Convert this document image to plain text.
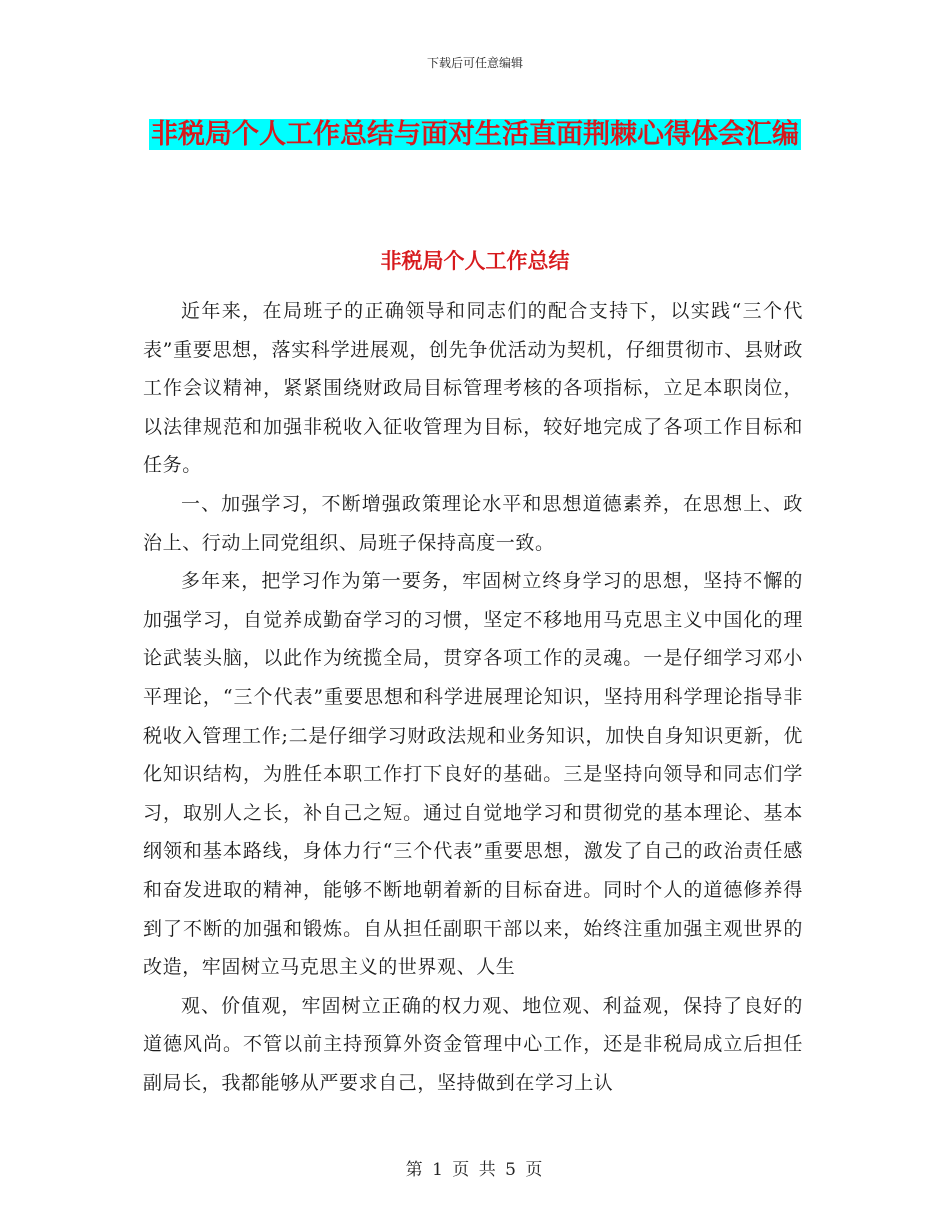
下载后可任意编辑
非税局个人工作总结与面对生活直面荆棘心得体会汇编
非税局个人工作总结

近年来，在局班子的正确领导和同志们的配合支持下，以实践“三个代表”重要思想，落实科学进展观，创先争优活动为契机，仔细贯彻市、县财政工作会议精神，紧紧围绕财政局目标管理考核的各项指标，立足本职岗位，以法律规范和加强非税收入征收管理为目标，较好地完成了各项工作目标和任务。

一、加强学习，不断增强政策理论水平和思想道德素养，在思想上、政治上、行动上同党组织、局班子保持高度一致。

多年来，把学习作为第一要务，牢固树立终身学习的思想，坚持不懈的加强学习，自觉养成勤奋学习的习惯，坚定不移地用马克思主义中国化的理论武装头脑，以此作为统揽全局，贯穿各项工作的灵魂。一是仔细学习邓小平理论，“三个代表”重要思想和科学进展理论知识，坚持用科学理论指导非税收入管理工作;二是仔细学习财政法规和业务知识，加快自身知识更新，优化知识结构，为胜任本职工作打下良好的基础。三是坚持向领导和同志们学习，取别人之长，补自己之短。通过自觉地学习和贯彻党的基本理论、基本纲领和基本路线，身体力行“三个代表”重要思想，激发了自己的政治责任感和奋发进取的精神，能够不断地朝着新的目标奋进。同时个人的道德修养得到了不断的加强和锻炼。自从担任副职干部以来，始终注重加强主观世界的改造，牢固树立马克思主义的世界观、人生

观、价值观，牢固树立正确的权力观、地位观、利益观，保持了良好的道德风尚。不管以前主持预算外资金管理中心工作，还是非税局成立后担任副局长，我都能够从严要求自己，坚持做到在学习上认

第 1 页 共 5 页
